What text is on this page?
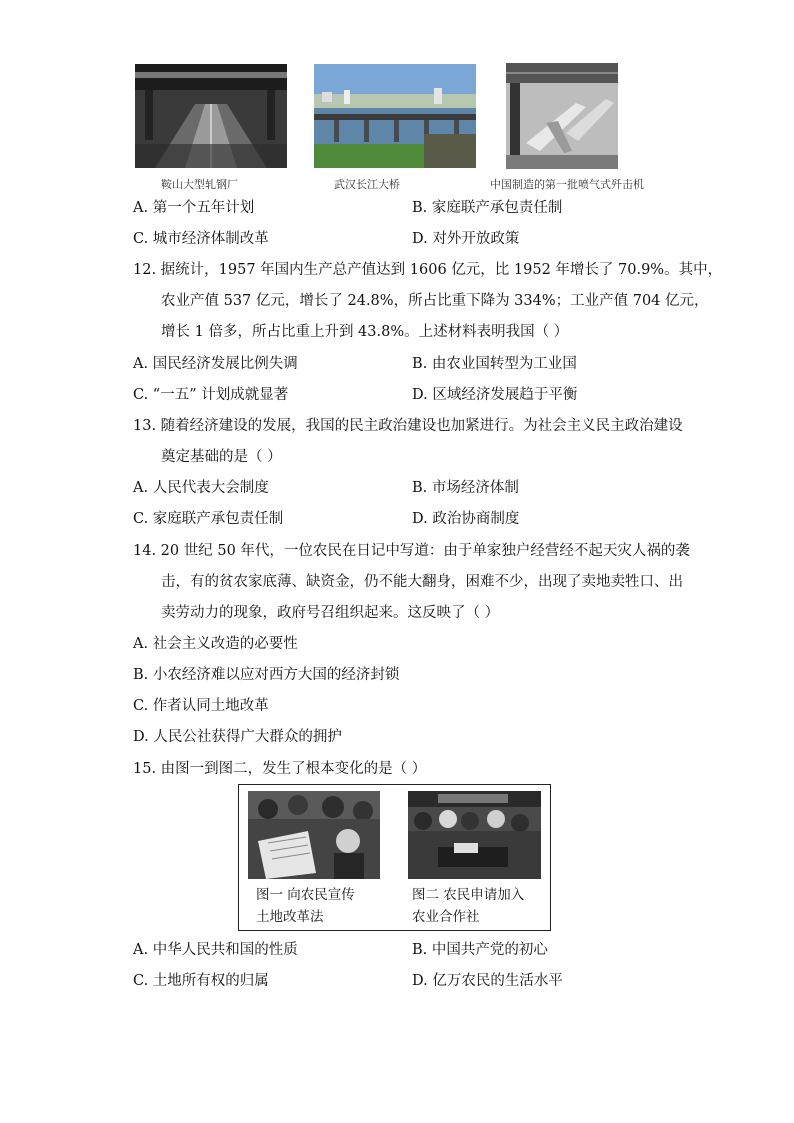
鞍山大型轧钢厂	武汉长江大桥	中国制造的第一批喷气式歼击机
A. 第一个五年计划	B. 家庭联产承包责任制
C. 城市经济体制改革	D. 对外开放政策
12. 据统计，1957 年国内生产总产值达到 1606 亿元，比 1952 年增长了 70.9%。其中，
农业产值 537 亿元，增长了 24.8%，所占比重下降为 334%；工业产值 704 亿元，
增长 1 倍多，所占比重上升到 43.8%。上述材料表明我国（ ）
A. 国民经济发展比例失调	B. 由农业国转型为工业国
C. “一五” 计划成就显著	D. 区域经济发展趋于平衡
13. 随着经济建设的发展，我国的民主政治建设也加紧进行。为社会主义民主政治建设
奠定基础的是（ ）
A. 人民代表大会制度	B. 市场经济体制
C. 家庭联产承包责任制	D. 政治协商制度
14. 20 世纪 50 年代，一位农民在日记中写道：由于单家独户经营经不起天灾人祸的袭
击，有的贫农家底薄、缺资金，仍不能大翻身，困难不少，出现了卖地卖牲口、出
卖劳动力的现象，政府号召组织起来。这反映了（ ）
A. 社会主义改造的必要性
B. 小农经济难以应对西方大国的经济封锁
C. 作者认同土地改革
D. 人民公社获得广大群众的拥护
15. 由图一到图二，发生了根本变化的是（ ）
图一 向农民宣传
土地改革法
图二 农民申请加入
农业合作社
A. 中华人民共和国的性质	B. 中国共产党的初心
C. 土地所有权的归属	D. 亿万农民的生活水平
